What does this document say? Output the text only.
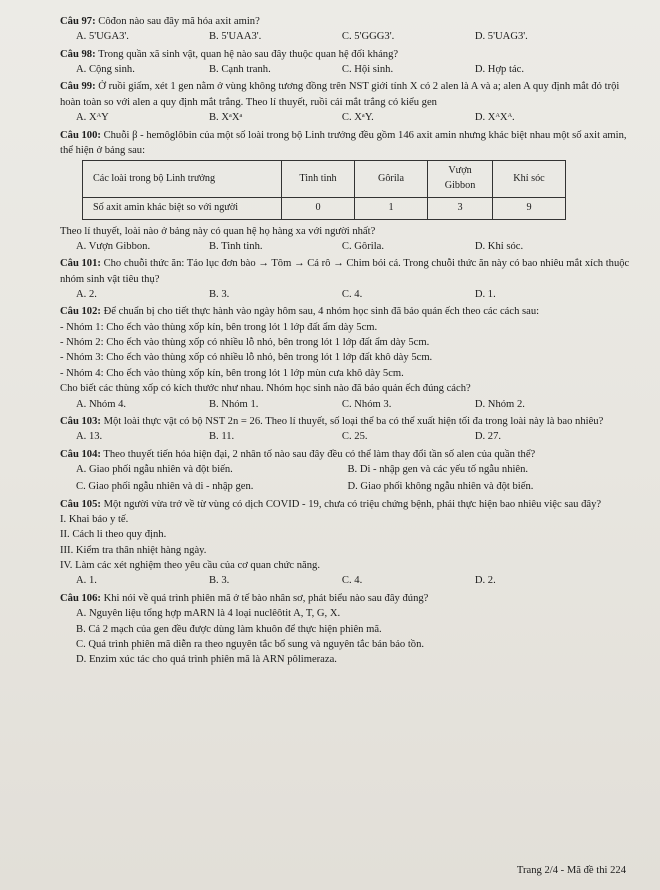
Câu 97: Côđon nào sau đây mã hóa axit amin?
A. 5'UGA3'.	B. 5'UAA3'.	C. 5'GGG3'.	D. 5'UAG3'.
Câu 98: Trong quần xã sinh vật, quan hệ nào sau đây thuộc quan hệ đối kháng?
A. Cộng sinh.	B. Cạnh tranh.	C. Hội sinh.	D. Hợp tác.
Câu 99: Ở ruồi giấm, xét 1 gen nằm ở vùng không tương đồng trên NST giới tính X có 2 alen là A và a; alen A quy định mắt đỏ trội hoàn toàn so với alen a quy định mắt trắng. Theo lí thuyết, ruồi cái mắt trắng có kiểu gen
A. XᴬY	B. XᵃXᵃ	C. XᵃY.	D. XᴬXᴬ.
Câu 100: Chuỗi β - hemôglôbin của một số loài trong bộ Linh trưởng đều gồm 146 axit amin nhưng khác biệt nhau một số axit amin, thể hiện ở bảng sau:
Các loài trong bộ Linh trưởng	Tinh tinh	Gôrila	Vượn Gibbon	Khỉ sóc
Số axit amin khác biệt so với người	0	1	3	9
Theo lí thuyết, loài nào ở bảng này có quan hệ họ hàng xa với người nhất?
A. Vượn Gibbon.	B. Tinh tinh.	C. Gôrila.	D. Khỉ sóc.
Câu 101: Cho chuỗi thức ăn: Tảo lục đơn bào → Tôm → Cá rô → Chim bói cá. Trong chuỗi thức ăn này có bao nhiêu mắt xích thuộc nhóm sinh vật tiêu thụ?
A. 2.	B. 3.	C. 4.	D. 1.
Câu 102: Để chuẩn bị cho tiết thực hành vào ngày hôm sau, 4 nhóm học sinh đã bảo quản ếch theo các cách sau:
- Nhóm 1: Cho ếch vào thùng xốp kín, bên trong lót 1 lớp đất ẩm dày 5cm.
- Nhóm 2: Cho ếch vào thùng xốp có nhiều lỗ nhỏ, bên trong lót 1 lớp đất ẩm dày 5cm.
- Nhóm 3: Cho ếch vào thùng xốp có nhiều lỗ nhỏ, bên trong lót 1 lớp đất khô dày 5cm.
- Nhóm 4: Cho ếch vào thùng xốp kín, bên trong lót 1 lớp mùn cưa khô dày 5cm.
Cho biết các thùng xốp có kích thước như nhau. Nhóm học sinh nào đã bảo quản ếch đúng cách?
A. Nhóm 4.	B. Nhóm 1.	C. Nhóm 3.	D. Nhóm 2.
Câu 103: Một loài thực vật có bộ NST 2n = 26. Theo lí thuyết, số loại thể ba có thể xuất hiện tối đa trong loài này là bao nhiêu?
A. 13.	B. 11.	C. 25.	D. 27.
Câu 104: Theo thuyết tiến hóa hiện đại, 2 nhân tố nào sau đây đều có thể làm thay đổi tần số alen của quần thể?
A. Giao phối ngẫu nhiên và đột biến.	B. Di - nhập gen và các yếu tố ngẫu nhiên.
C. Giao phối ngẫu nhiên và di - nhập gen.	D. Giao phối không ngẫu nhiên và đột biến.
Câu 105: Một người vừa trở về từ vùng có dịch COVID - 19, chưa có triệu chứng bệnh, phải thực hiện bao nhiêu việc sau đây?
I. Khai báo y tế.
II. Cách li theo quy định.
III. Kiểm tra thân nhiệt hàng ngày.
IV. Làm các xét nghiệm theo yêu cầu của cơ quan chức năng.
A. 1.	B. 3.	C. 4.	D. 2.
Câu 106: Khi nói về quá trình phiên mã ở tế bào nhân sơ, phát biểu nào sau đây đúng?
A. Nguyên liệu tổng hợp mARN là 4 loại nuclêôtit A, T, G, X.
B. Cả 2 mạch của gen đều được dùng làm khuôn để thực hiện phiên mã.
C. Quá trình phiên mã diễn ra theo nguyên tắc bổ sung và nguyên tắc bán bảo tồn.
D. Enzim xúc tác cho quá trình phiên mã là ARN pôlimeraza.
Trang 2/4 - Mã đề thi 224
